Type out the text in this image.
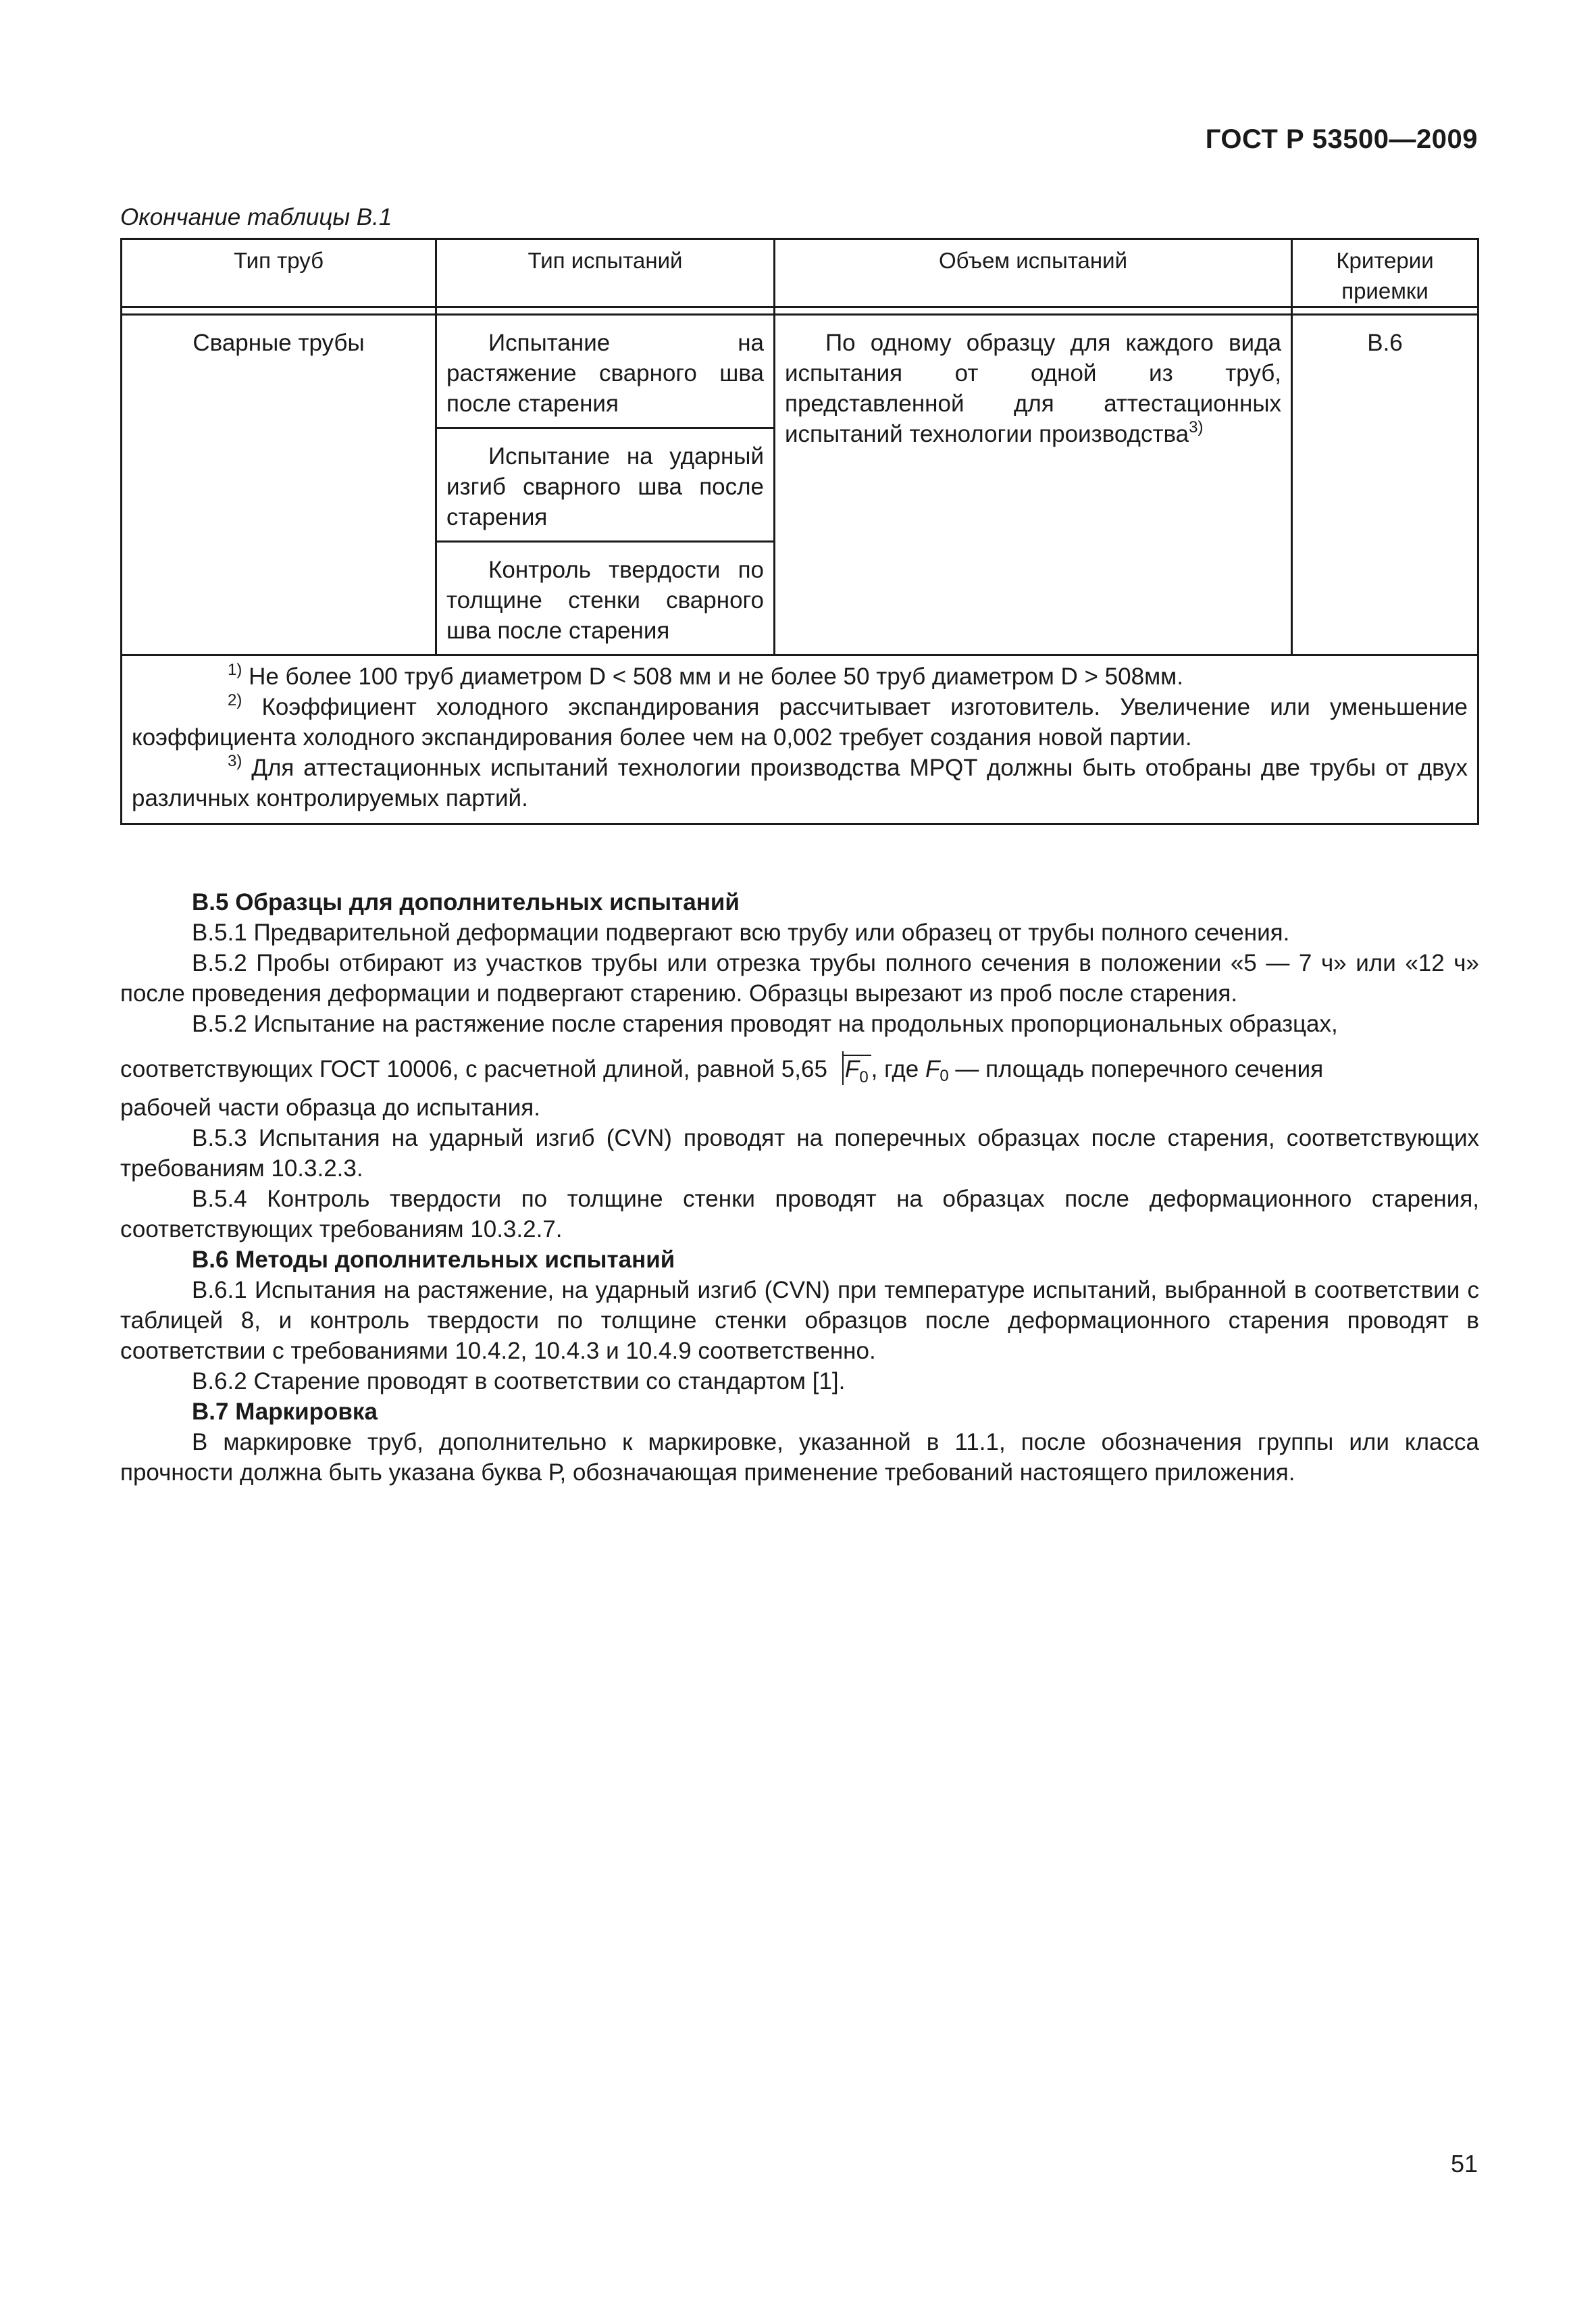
ГОСТ Р 53500—2009
Окончание таблицы В.1
Тип труб	Тип испытаний	Объем испытаний	Критерии приемки

Сварные трубы	Испытание на растяжение сварного шва после старения	По одному образцу для каждого вида испытания от одной из труб, представленной для аттестационных испытаний технологии производства$^{3)}$	В.6

	Испытание на ударный изгиб сварного шва после старения		

	Контроль твердости по толщине стенки сварного шва после старения		

$^{1)}$ Не более 100 труб диаметром D < 508 мм и не более 50 труб диаметром D > 508мм.
$^{2)}$ Коэффициент холодного экспандирования рассчитывает изготовитель. Увеличение или уменьшение коэффициента холодного экспандирования более чем на 0,002 требует создания новой партии.
$^{3)}$ Для аттестационных испытаний технологии производства MPQT должны быть отобраны две трубы от двух различных контролируемых партий.			

В.5 Образцы для дополнительных испытаний

В.5.1 Предварительной деформации подвергают всю трубу или образец от трубы полного сечения.

В.5.2 Пробы отбирают из участков трубы или отрезка трубы полного сечения в положении «5 — 7 ч» или «12 ч» после проведения деформации и подвергают старению. Образцы вырезают из проб после старения.

В.5.2 Испытание на растяжение после старения проводят на продольных пропорциональных образцах,

соответствующих ГОСТ 10006, с расчетной длиной, равной 5,65 $F_0$ , где F0 — площадь поперечного сечения

рабочей части образца до испытания.

В.5.3 Испытания на ударный изгиб (CVN) проводят на поперечных образцах после старения, соответствующих требованиям 10.3.2.3.

В.5.4 Контроль твердости по толщине стенки проводят на образцах после деформационного старения, соответствующих требованиям 10.3.2.7.

В.6 Методы дополнительных испытаний

В.6.1 Испытания на растяжение, на ударный изгиб (CVN) при температуре испытаний, выбранной в соответствии с таблицей 8, и контроль твердости по толщине стенки образцов после деформационного старения проводят в соответствии с требованиями 10.4.2, 10.4.3 и 10.4.9 соответственно.

В.6.2 Старение проводят в соответствии со стандартом [1].

В.7 Маркировка

В маркировке труб, дополнительно к маркировке, указанной в 11.1, после обозначения группы или класса прочности должна быть указана буква Р, обозначающая применение требований настоящего приложения.

51
